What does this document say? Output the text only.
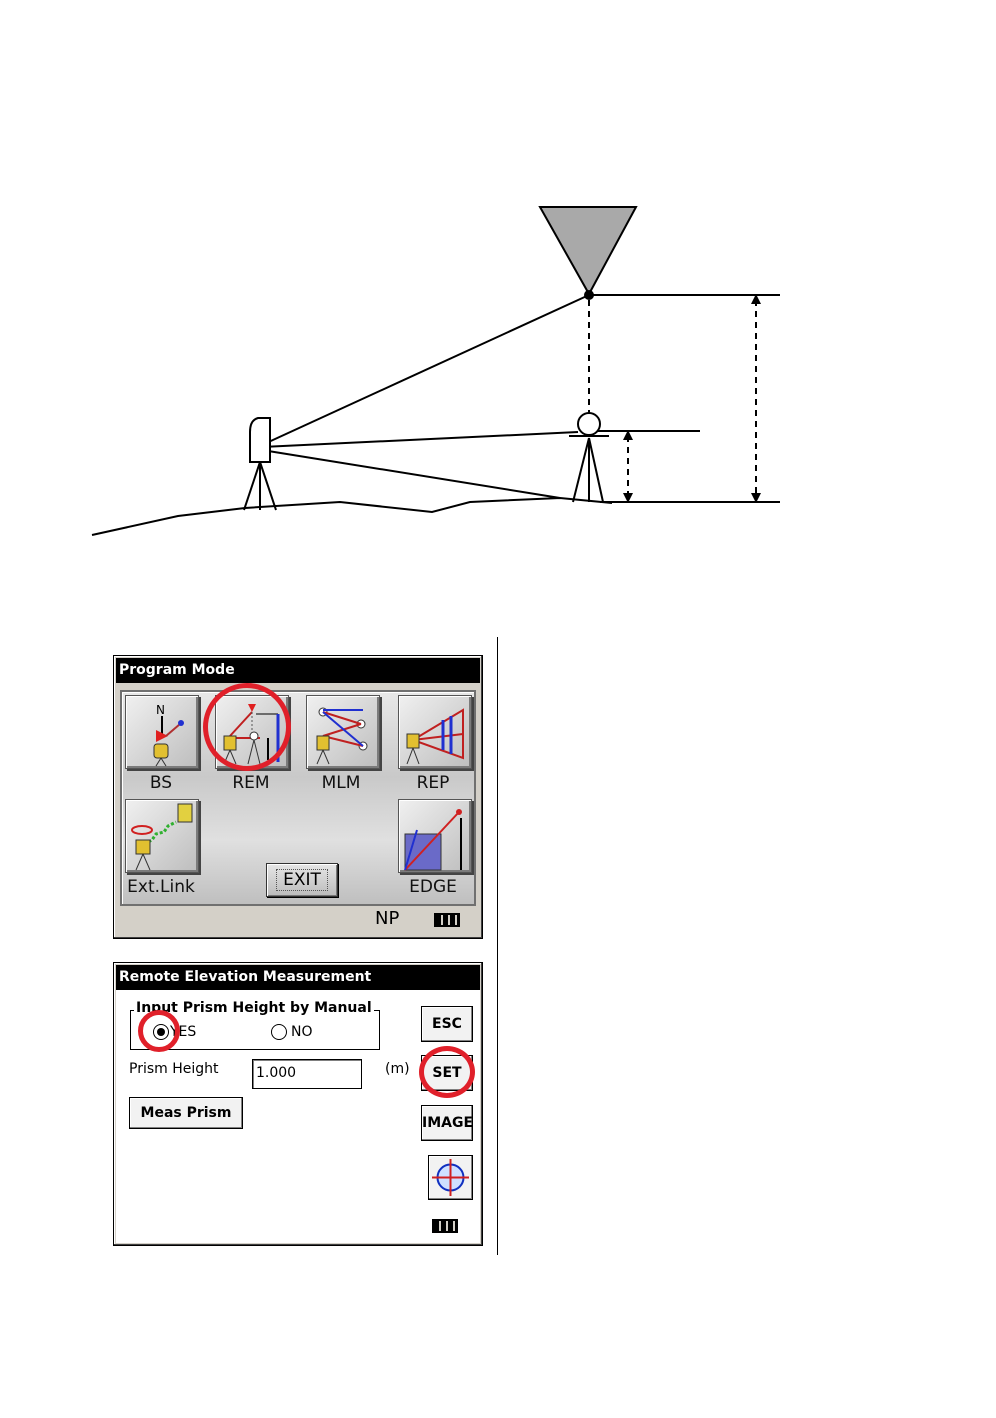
Program Mode
N
BS	REM	MLM	REP
Ext.Link	EDGE
EXIT
NP
Remote Elevation Measurement
Input Prism Height by Manual
YES	NO
Prism Height	1.000	(m)
Meas Prism
ESC
SET
IMAGE
